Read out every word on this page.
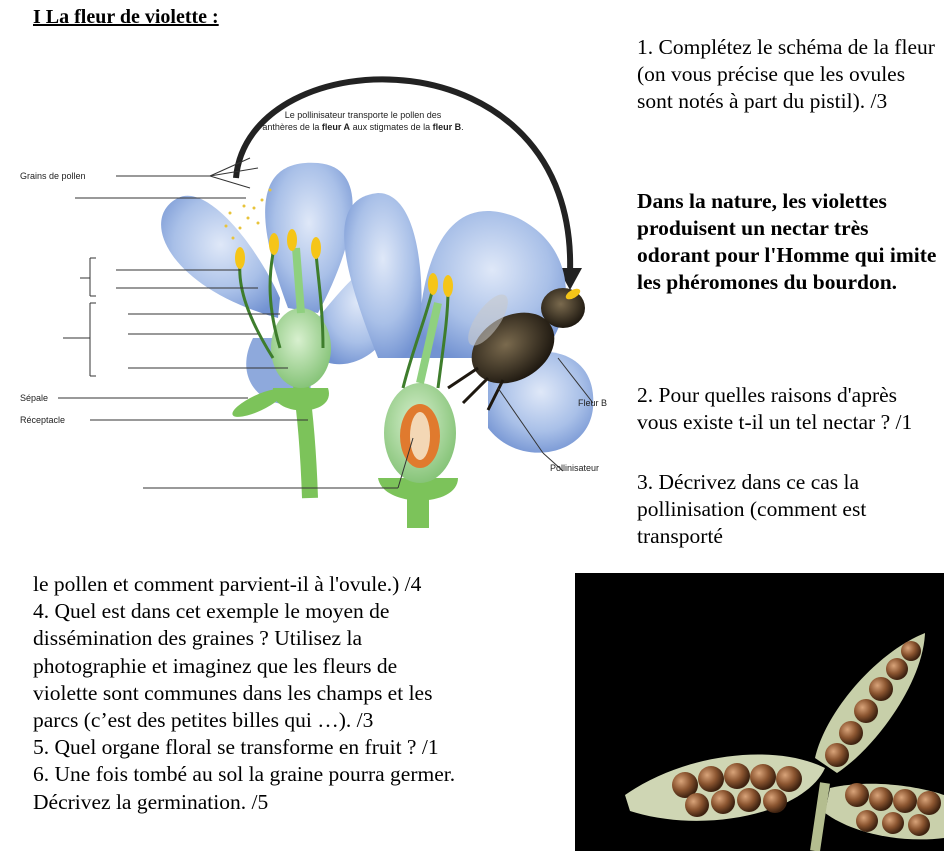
I La fleur de violette :
Le pollinisateur transporte le pollen des
anthères de la fleur A aux stigmates de la fleur B.
Grains de pollen
Sépale
Réceptacle
Fleur B
Pollinisateur
1. Complétez le schéma de la fleur (on vous précise que les ovules sont notés à part du pistil). /3
Dans la nature, les violettes produisent un nectar très odorant pour l'Homme qui imite les phéromones du bourdon.
2. Pour quelles raisons d'après vous existe t-il un tel nectar ? /1
3. Décrivez dans ce cas la pollinisation (comment est transporté
le pollen et comment parvient-il à l'ovule.) /4
4. Quel est dans cet exemple le moyen de
dissémination des graines ? Utilisez la
photographie et imaginez que les fleurs de
violette sont communes dans les champs et les
parcs (c’est des petites billes qui …). /3
5. Quel organe floral se transforme en fruit ? /1
6. Une fois tombé au sol la graine pourra germer.
Décrivez la germination. /5
